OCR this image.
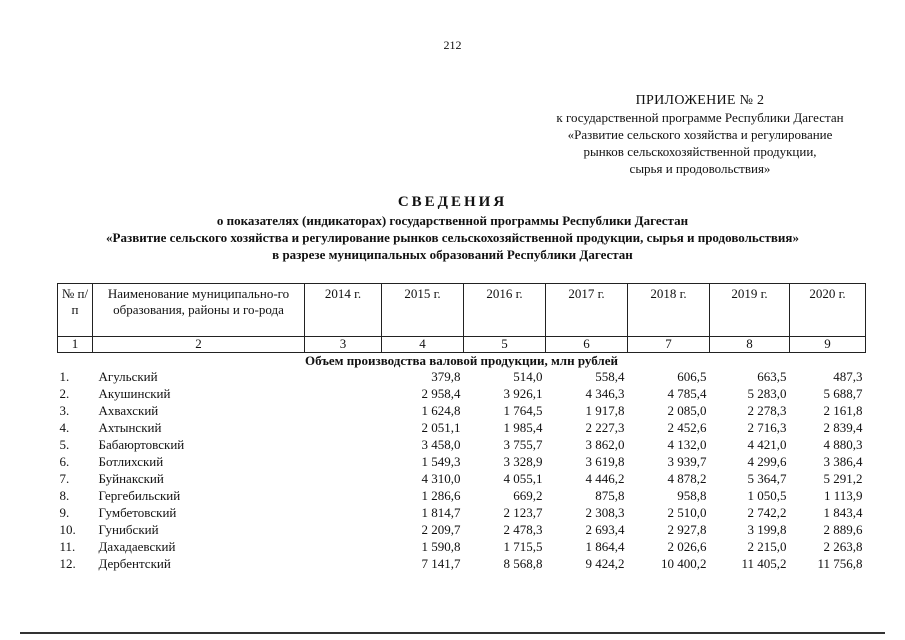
212
ПРИЛОЖЕНИЕ № 2
к государственной программе Республики Дагестан
«Развитие сельского хозяйства и регулирование
рынков сельскохозяйственной продукции,
сырья и продовольствия»
СВЕДЕНИЯ
о показателях (индикаторах) государственной программы Республики Дагестан
«Развитие сельского хозяйства и регулирование рынков сельскохозяйственной продукции, сырья и продовольствия»
в разрезе муниципальных образований Республики Дагестан
№ п/п	Наименование муниципально-го образования, районы и го-рода	2014 г.	2015 г.	2016 г.	2017 г.	2018 г.	2019 г.	2020 г.
1	2	3	4	5	6	7	8	9
Объем производства валовой продукции, млн рублей								
1.	Агульский		379,8	514,0	558,4	606,5	663,5	487,3
2.	Акушинский		2 958,4	3 926,1	4 346,3	4 785,4	5 283,0	5 688,7
3.	Ахвахский		1 624,8	1 764,5	1 917,8	2 085,0	2 278,3	2 161,8
4.	Ахтынский		2 051,1	1 985,4	2 227,3	2 452,6	2 716,3	2 839,4
5.	Бабаюртовский		3 458,0	3 755,7	3 862,0	4 132,0	4 421,0	4 880,3
6.	Ботлихский		1 549,3	3 328,9	3 619,8	3 939,7	4 299,6	3 386,4
7.	Буйнакский		4 310,0	4 055,1	4 446,2	4 878,2	5 364,7	5 291,2
8.	Гергебильский		1 286,6	669,2	875,8	958,8	1 050,5	1 113,9
9.	Гумбетовский		1 814,7	2 123,7	2 308,3	2 510,0	2 742,2	1 843,4
10.	Гунибский		2 209,7	2 478,3	2 693,4	2 927,8	3 199,8	2 889,6
11.	Дахадаевский		1 590,8	1 715,5	1 864,4	2 026,6	2 215,0	2 263,8
12.	Дербентский		7 141,7	8 568,8	9 424,2	10 400,2	11 405,2	11 756,8
